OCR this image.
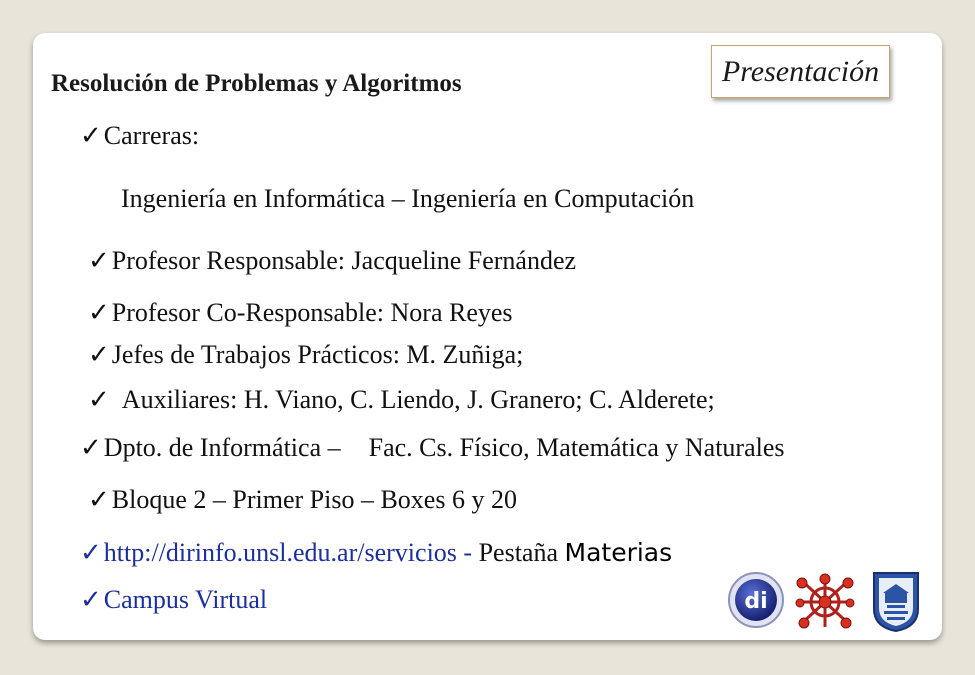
Resolución de Problemas y Algoritmos	Presentación
✓Carreras:
Ingeniería en Informática – Ingeniería en Computación
✓Profesor Responsable: Jacqueline Fernández
✓Profesor Co-Responsable: Nora Reyes
✓Jefes de Trabajos Prácticos: M. Zuñiga;
✓ Auxiliares: H. Viano, C. Liendo, J. Granero; C. Alderete;
✓Dpto. de Informática – Fac. Cs. Físico, Matemática y Naturales
✓Bloque 2 – Primer Piso – Boxes 6 y 20
✓http://dirinfo.unsl.edu.ar/servicios - Pestaña Materias
✓Campus Virtual	di
